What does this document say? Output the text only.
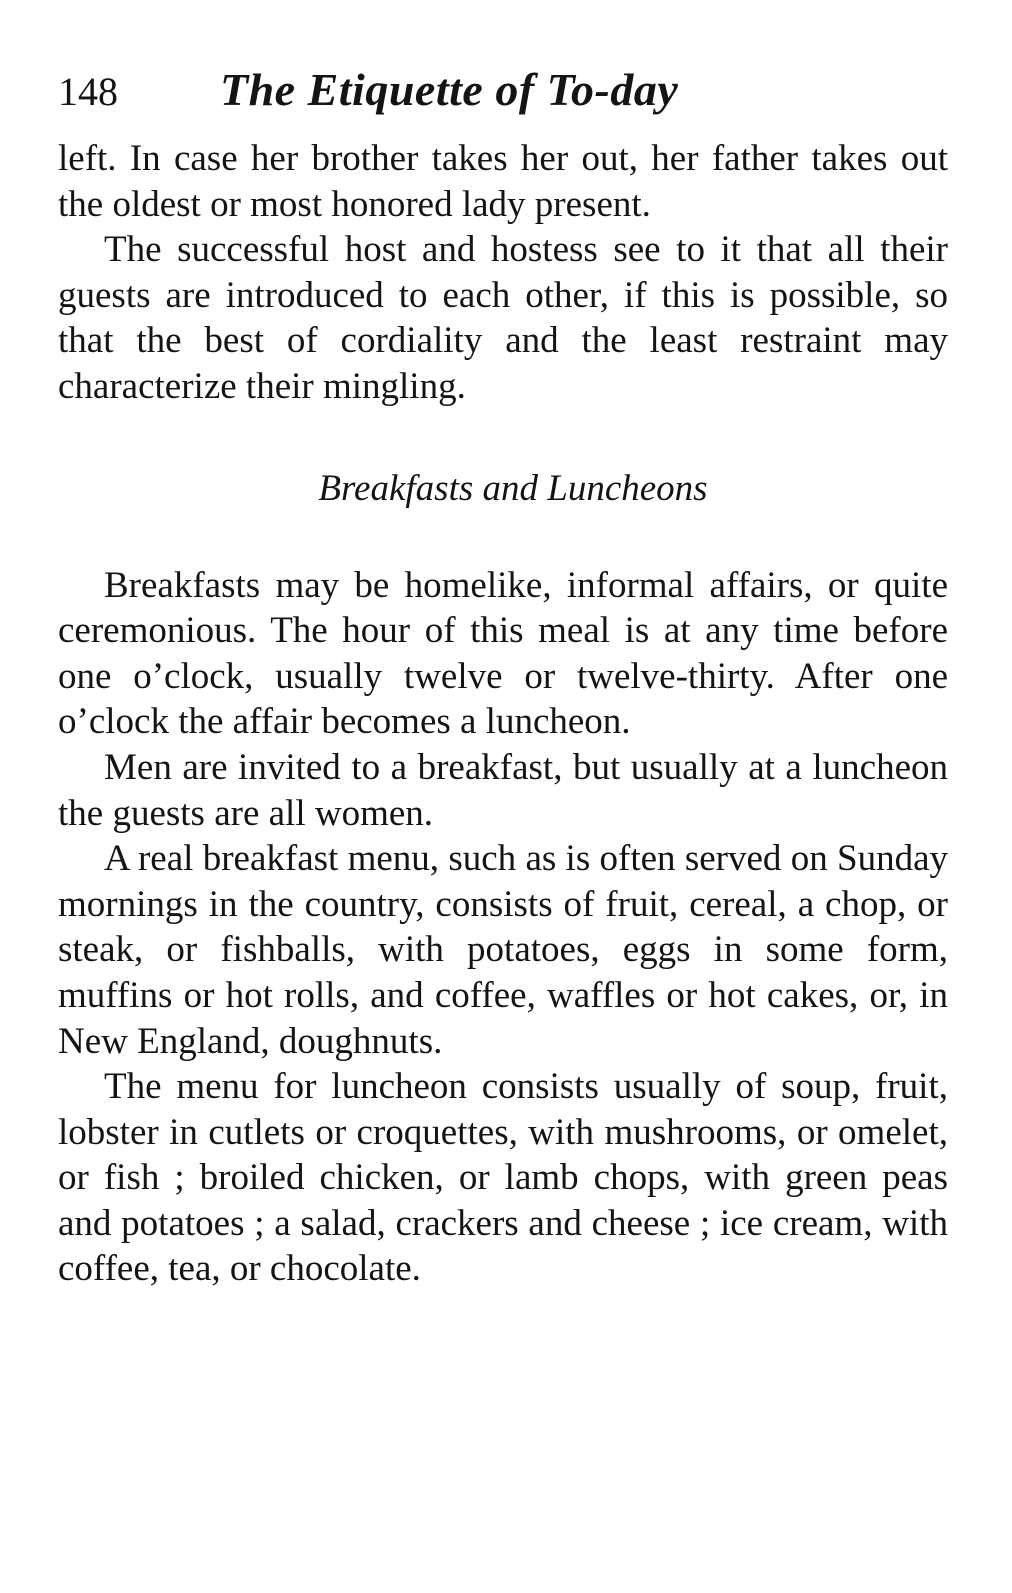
148	The Etiquette of To-day

left. In case her brother takes her out, her father takes out the oldest or most honored lady present.

The successful host and hostess see to it that all their guests are introduced to each other, if this is possible, so that the best of cordiality and the least restraint may characterize their mingling.

Breakfasts and Luncheons

Breakfasts may be homelike, informal affairs, or quite ceremonious. The hour of this meal is at any time before one o’clock, usually twelve or twelve-thirty. After one o’clock the affair becomes a luncheon.

Men are invited to a breakfast, but usually at a luncheon the guests are all women.

A real breakfast menu, such as is often served on Sunday mornings in the country, consists of fruit, cereal, a chop, or steak, or fishballs, with potatoes, eggs in some form, muffins or hot rolls, and coffee, waffles or hot cakes, or, in New England, doughnuts.

The menu for luncheon consists usually of soup, fruit, lobster in cutlets or croquettes, with mushrooms, or omelet, or fish ; broiled chicken, or lamb chops, with green peas and potatoes ; a salad, crackers and cheese ; ice cream, with coffee, tea, or chocolate.
